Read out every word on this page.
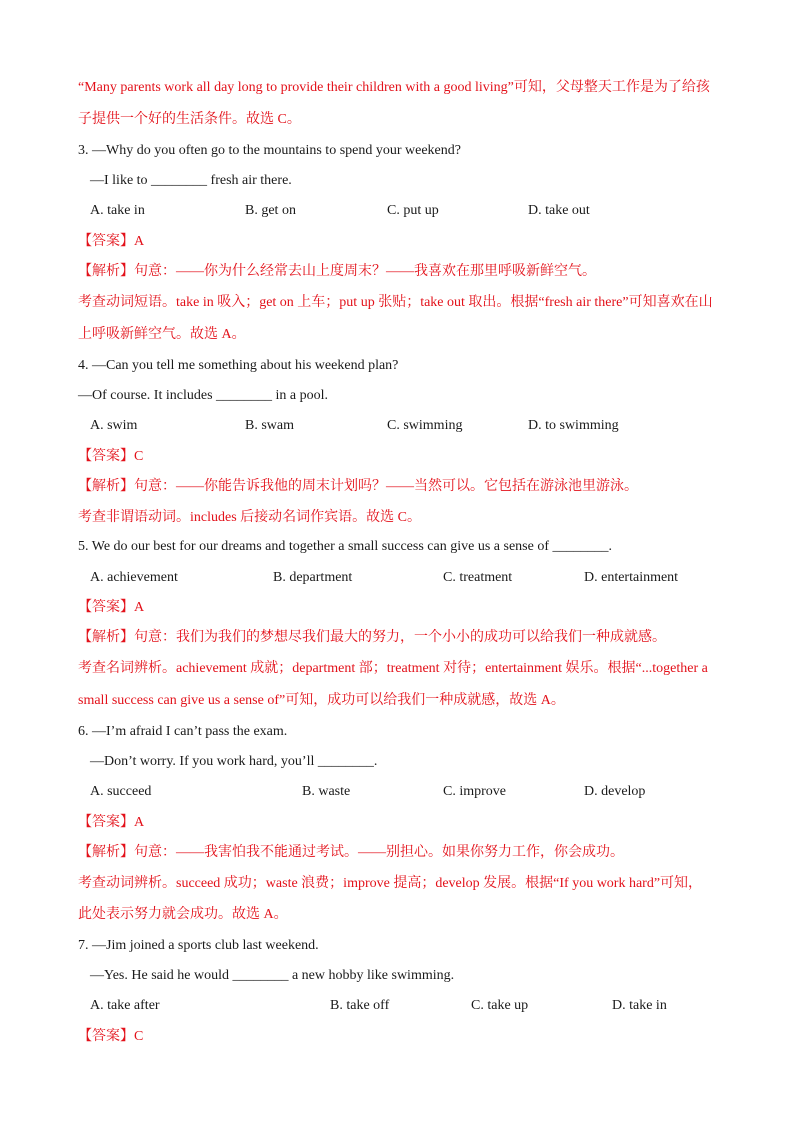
“Many parents work all day long to provide their children with a good living”可知，父母整天工作是为了给孩
子提供一个好的生活条件。故选 C。
3. —Why do you often go to the mountains to spend your weekend?
—I like to ________ fresh air there.
A. take in	B. get on	C. put up	D. take out
【答案】A
【解析】句意：——你为什么经常去山上度周末？——我喜欢在那里呼吸新鲜空气。
考查动词短语。take in 吸入；get on 上车；put up 张贴；take out 取出。根据“fresh air there”可知喜欢在山
上呼吸新鲜空气。故选 A。
4. —Can you tell me something about his weekend plan?
—Of course. It includes ________ in a pool.
A. swim	B. swam	C. swimming	D. to swimming
【答案】C
【解析】句意：——你能告诉我他的周末计划吗？——当然可以。它包括在游泳池里游泳。
考查非谓语动词。includes 后接动名词作宾语。故选 C。
5. We do our best for our dreams and together a small success can give us a sense of ________.
A. achievement	B. department	C. treatment	D. entertainment
【答案】A
【解析】句意：我们为我们的梦想尽我们最大的努力，一个小小的成功可以给我们一种成就感。
考查名词辨析。achievement 成就；department 部；treatment 对待；entertainment 娱乐。根据“...together a
small success can give us a sense of”可知，成功可以给我们一种成就感，故选 A。
6. —I’m afraid I can’t pass the exam.
—Don’t worry. If you work hard, you’ll ________.
A. succeed	B. waste	C. improve	D. develop
【答案】A
【解析】句意：——我害怕我不能通过考试。——别担心。如果你努力工作，你会成功。
考查动词辨析。succeed 成功；waste 浪费；improve 提高；develop 发展。根据“If you work hard”可知，
此处表示努力就会成功。故选 A。
7. —Jim joined a sports club last weekend.
—Yes. He said he would ________ a new hobby like swimming.
A. take after	B. take off	C. take up	D. take in
【答案】C
